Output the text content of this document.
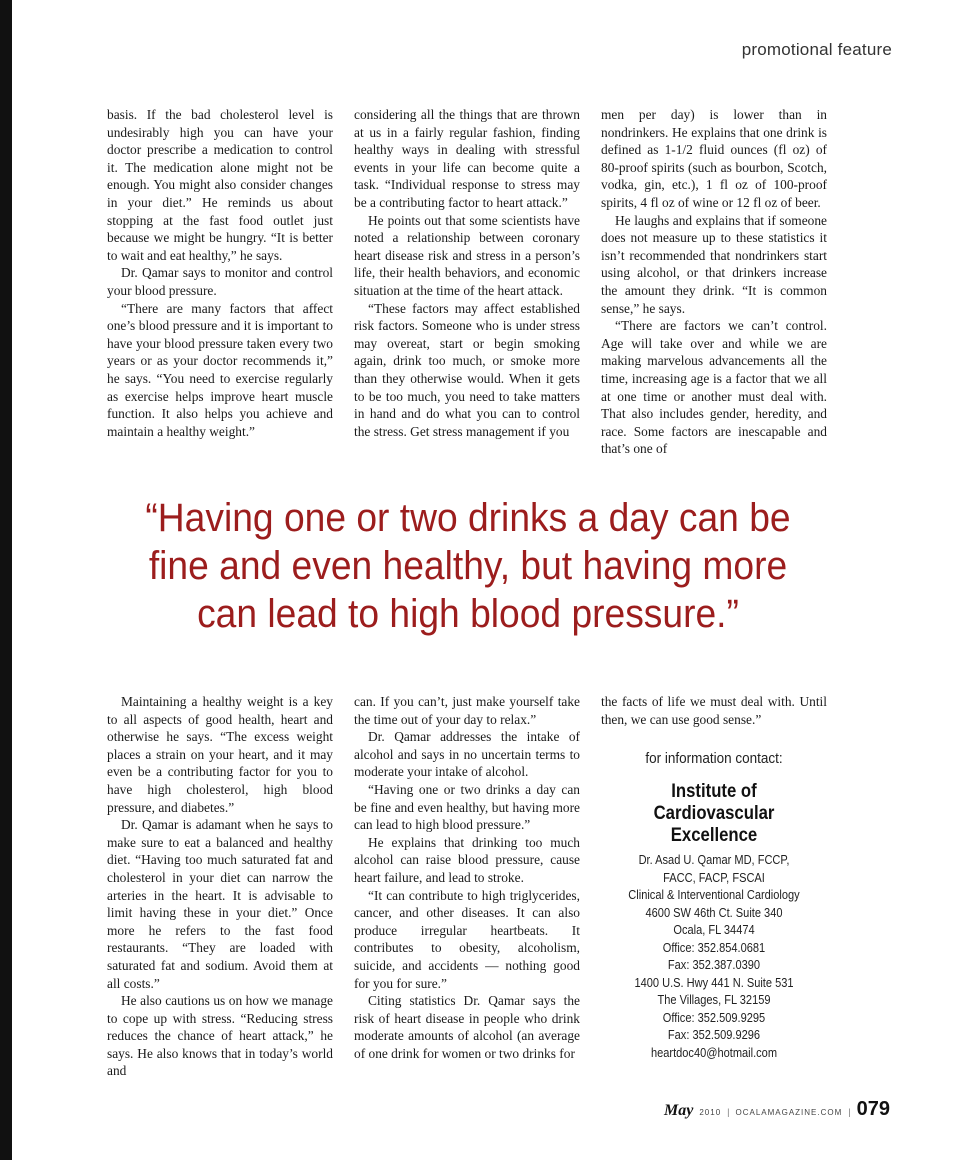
promotional feature

basis. If the bad cholesterol level is undesirably high you can have your doctor prescribe a medication to control it. The medication alone might not be enough. You might also consider changes in your diet.” He reminds us about stopping at the fast food outlet just because we might be hungry. “It is better to wait and eat healthy,” he says.

Dr. Qamar says to monitor and control your blood pressure.

“There are many factors that affect one’s blood pressure and it is important to have your blood pressure taken every two years or as your doctor recommends it,” he says. “You need to exercise regularly as exercise helps improve heart muscle function. It also helps you achieve and maintain a healthy weight.”

considering all the things that are thrown at us in a fairly regular fashion, finding healthy ways in dealing with stressful events in your life can become quite a task. “Individual response to stress may be a contributing factor to heart attack.”

He points out that some scientists have noted a relationship between coronary heart disease risk and stress in a person’s life, their health behaviors, and economic situation at the time of the heart attack.

“These factors may affect established risk factors. Someone who is under stress may overeat, start or begin smoking again, drink too much, or smoke more than they otherwise would. When it gets to be too much, you need to take matters in hand and do what you can to control the stress. Get stress management if you

men per day) is lower than in nondrinkers. He explains that one drink is defined as 1-1/2 fluid ounces (fl oz) of 80-proof spirits (such as bourbon, Scotch, vodka, gin, etc.), 1 fl oz of 100-proof spirits, 4 fl oz of wine or 12 fl oz of beer.

He laughs and explains that if someone does not measure up to these statistics it isn’t recommended that nondrinkers start using alcohol, or that drinkers increase the amount they drink. “It is common sense,” he says.

“There are factors we can’t control. Age will take over and while we are making marvelous advancements all the time, increasing age is a factor that we all at one time or another must deal with. That also includes gender, heredity, and race. Some factors are inescapable and that’s one of

“Having one or two drinks a day can be fine and even healthy, but having more can lead to high blood pressure.”

Maintaining a healthy weight is a key to all aspects of good health, heart and otherwise he says. “The excess weight places a strain on your heart, and it may even be a contributing factor for you to have high cholesterol, high blood pressure, and diabetes.”

Dr. Qamar is adamant when he says to make sure to eat a balanced and healthy diet. “Having too much saturated fat and cholesterol in your diet can narrow the arteries in the heart. It is advisable to limit having these in your diet.” Once more he refers to the fast food restaurants. “They are loaded with saturated fat and sodium. Avoid them at all costs.”

He also cautions us on how we manage to cope up with stress. “Reducing stress reduces the chance of heart attack,” he says. He also knows that in today’s world and

can. If you can’t, just make yourself take the time out of your day to relax.”

Dr. Qamar addresses the intake of alcohol and says in no uncertain terms to moderate your intake of alcohol.

“Having one or two drinks a day can be fine and even healthy, but having more can lead to high blood pressure.”

He explains that drinking too much alcohol can raise blood pressure, cause heart failure, and lead to stroke.

“It can contribute to high triglycerides, cancer, and other diseases. It can also produce irregular heartbeats. It contributes to obesity, alcoholism, suicide, and accidents — nothing good for you for sure.”

Citing statistics Dr. Qamar says the risk of heart disease in people who drink moderate amounts of alcohol (an average of one drink for women or two drinks for

the facts of life we must deal with. Until then, we can use good sense.”

for information contact:
Institute of Cardiovascular Excellence
Dr. Asad U. Qamar MD, FCCP,
FACC, FACP, FSCAI
Clinical & Interventional Cardiology
4600 SW 46th Ct. Suite 340
Ocala, FL 34474
Office: 352.854.0681
Fax: 352.387.0390
1400 U.S. Hwy 441 N. Suite 531
The Villages, FL 32159
Office: 352.509.9295
Fax: 352.509.9296
heartdoc40@hotmail.com
May 2010 | OCALAMAGAZINE.COM | 079
